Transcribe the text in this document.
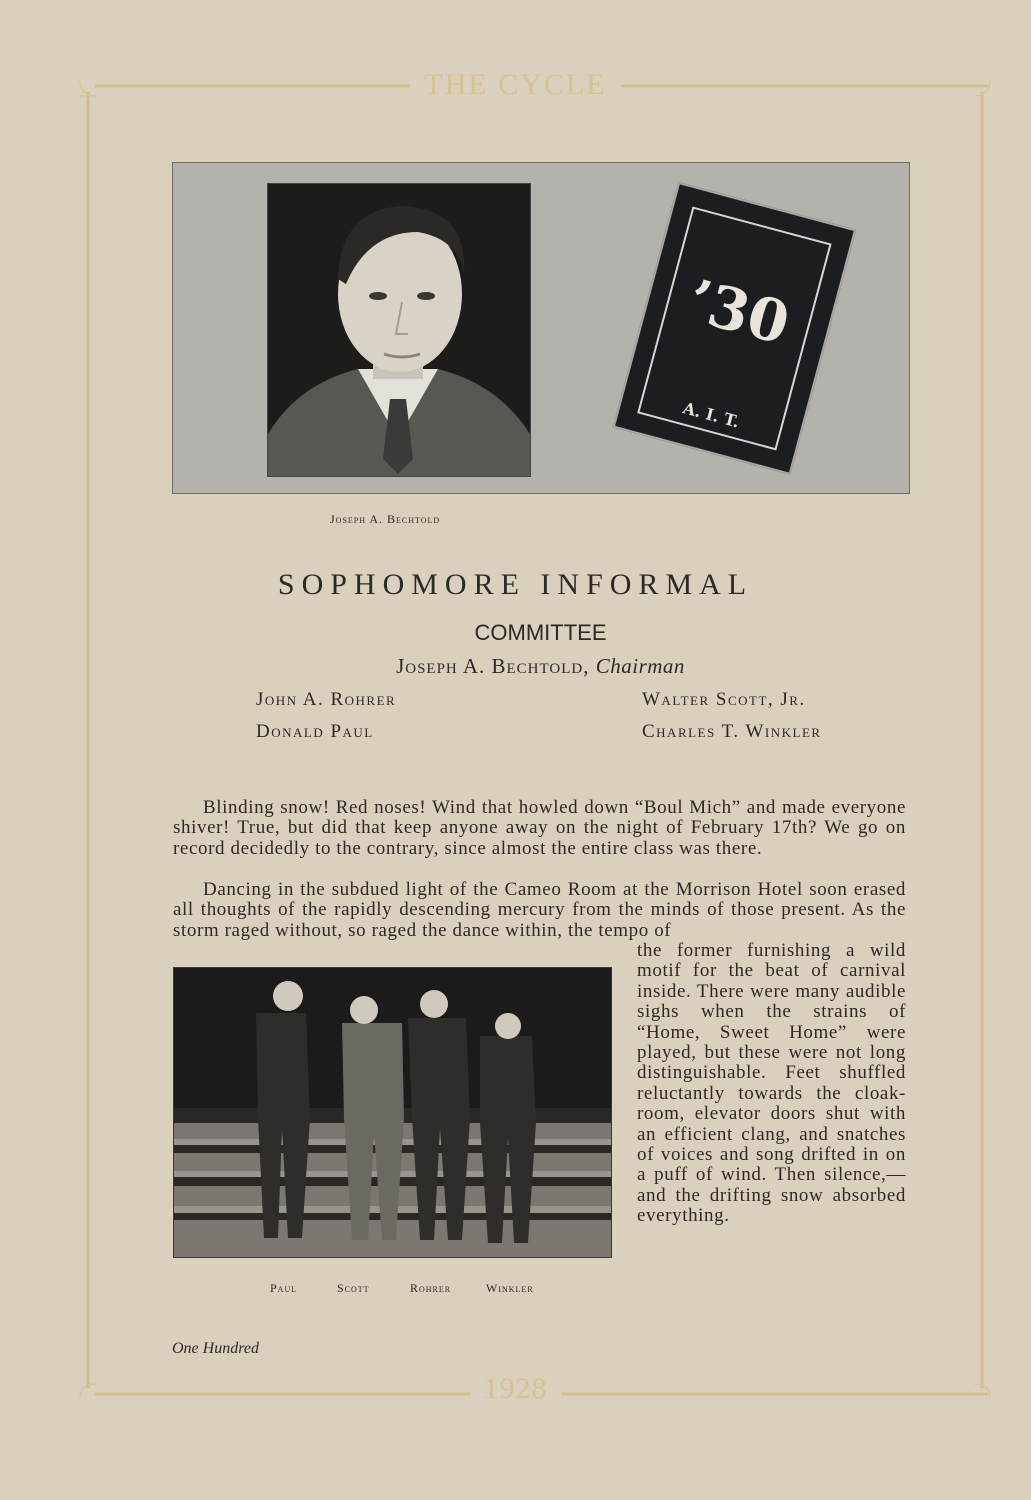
THE CYCLE
’30
A. I. T.
Joseph A. Bechtold
SOPHOMORE INFORMAL
COMMITTEE
Joseph A. Bechtold, Chairman
John A. Rohrer
Donald Paul
Walter Scott, Jr.
Charles T. Winkler
Blinding snow! Red noses! Wind that howled down “Boul Mich” and made everyone shiver! True, but did that keep anyone away on the night of February 17th? We go on record decidedly to the contrary, since almost the entire class was there.
Dancing in the subdued light of the Cameo Room at the Morrison Hotel soon erased all thoughts of the rapidly descending mercury from the minds of those present. As the storm raged without, so raged the dance within, the tempo of
the former furnishing a wild motif for the beat of carnival inside. There were many audible sighs when the strains of “Home, Sweet Home” were played, but these were not long distinguishable. Feet shuffled reluctantly towards the cloak-room, elevator doors shut with an efficient clang, and snatches of voices and song drifted in on a puff of wind. Then silence,—and the drifting snow absorbed everything.
Paul	Scott	Rohrer	Winkler
One Hundred
1928
